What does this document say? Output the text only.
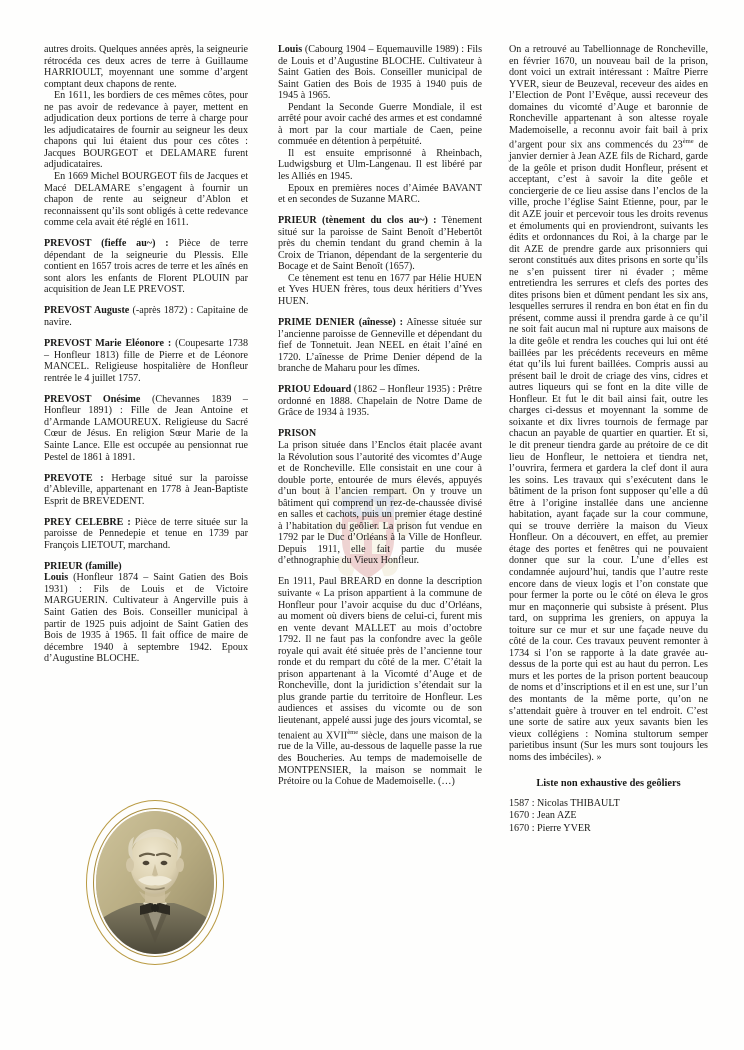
autres droits. Quelques années après, la seigneurie rétrocéda ces deux acres de terre à Guillaume HARRIOULT, moyennant une somme d’argent comptant deux chapons de rente.

En 1611, les bordiers de ces mêmes côtes, pour ne pas avoir de redevance à payer, mettent en adjudication deux portions de terre à charge pour les adjudicataires de fournir au seigneur les deux chapons qui lui étaient dus pour ces côtes : Jacques BOURGEOT et DELAMARE furent adjudicataires.

En 1669 Michel BOURGEOT fils de Jacques et Macé DELAMARE s’engagent à fournir un chapon de rente au seigneur d’Ablon et reconnaissent qu’ils sont obligés à cette redevance comme cela avait été réglé en 1611.

PREVOST (fieffe au~) : Pièce de terre dépendant de la seigneurie du Plessis. Elle contient en 1657 trois acres de terre et les aînés en sont alors les enfants de Florent PLOUIN par acquisition de Jean LE PREVOST.

PREVOST Auguste (-après 1872) : Capitaine de navire.

PREVOST Marie Eléonore : (Coupesarte 1738 – Honfleur 1813) fille de Pierre et de Léonore MANCEL. Religieuse hospitalière de Honfleur rentrée le 4 juillet 1757.

PREVOST Onésime (Chevannes 1839 – Honfleur 1891) : Fille de Jean Antoine et d’Armande LAMOUREUX. Religieuse du Sacré Cœur de Jésus. En religion Sœur Marie de la Sainte Lance. Elle est occupée au pensionnat rue Pestel de 1861 à 1891.

PREVOTE : Herbage situé sur la paroisse d’Ableville, appartenant en 1778 à Jean-Baptiste Esprit de BREVEDENT.

PREY CELEBRE : Pièce de terre située sur la paroisse de Pennedepie et tenue en 1739 par François LIETOUT, marchand.

PRIEUR (famille)

Louis (Honfleur 1874 – Saint Gatien des Bois 1931) : Fils de Louis et de Victoire MARGUERIN. Cultivateur à Angerville puis à Saint Gatien des Bois. Conseiller municipal à partir de 1925 puis adjoint de Saint Gatien des Bois de 1935 à 1965. Il fait office de maire de décembre 1940 à septembre 1942. Epoux d’Augustine BLOCHE.

Louis (Cabourg 1904 – Equemauville 1989) : Fils de Louis et d’Augustine BLOCHE. Cultivateur à Saint Gatien des Bois. Conseiller municipal de Saint Gatien des Bois de 1935 à 1940 puis de 1945 à 1965.

Pendant la Seconde Guerre Mondiale, il est arrêté pour avoir caché des armes et est condamné à mort par la cour martiale de Caen, peine commuée en détention à perpétuité.

Il est ensuite emprisonné à Rheinbach, Ludwigsburg et Ulm-Langenau. Il est libéré par les Alliés en 1945.

Epoux en premières noces d’Aimée BAVANT et en secondes de Suzanne MARC.

PRIEUR (tènement du clos au~) : Tènement situé sur la paroisse de Saint Benoît d’Hebertôt près du chemin tendant du grand chemin à la Croix de Trianon, dépendant de la sergenterie du Bocage et de Saint Benoît (1657).

Ce tènement est tenu en 1677 par Hélie HUEN et Yves HUEN frères, tous deux héritiers d’Yves HUEN.

PRIME DENIER (aînesse) : Aînesse située sur l’ancienne paroisse de Genneville et dépendant du fief de Tonnetuit. Jean NEEL en était l’aîné en 1720. L’aînesse de Prime Denier dépend de la branche de Maharu pour les dîmes.

PRIOU Edouard (1862 – Honfleur 1935) : Prêtre ordonné en 1888. Chapelain de Notre Dame de Grâce de 1934 à 1935.

PRISON

La prison située dans l’Enclos était placée avant la Révolution sous l’autorité des vicomtes d’Auge et de Roncheville. Elle consistait en une cour à double porte, entourée de murs élevés, appuyés d’un bout à l’ancien rempart. On y trouve un bâtiment qui comprend un rez-de-chaussée divisé en salles et cachots, puis un premier étage destiné à l’habitation du geôlier. La prison fut vendue en 1792 par le Duc d’Orléans à la Ville de Honfleur. Depuis 1911, elle fait partie du musée d’ethnographie du Vieux Honfleur.

En 1911, Paul BREARD en donne la description suivante « La prison appartient à la commune de Honfleur pour l’avoir acquise du duc d’Orléans, au moment où divers biens de celui-ci, furent mis en vente devant MALLET au mois d’octobre 1792. Il ne faut pas la confondre avec la geôle royale qui avait été située près de l’ancienne tour ronde et du rempart du côté de la mer. C’était la prison appartenant à la Vicomté d’Auge et de Roncheville, dont la juridiction s’étendait sur la plus grande partie du territoire de Honfleur. Les audiences et assises du vicomte ou de son lieutenant, appelé aussi juge des jours vicomtal, se tenaient au XVIIème siècle, dans une maison de la rue de la Ville, au-dessous de laquelle passe la rue des Boucheries. Au temps de mademoiselle de MONTPENSIER, la maison se nommait le Prétoire ou la Cohue de Mademoiselle. (…)

On a retrouvé au Tabellionnage de Roncheville, en février 1670, un nouveau bail de la prison, dont voici un extrait intéressant : Maître Pierre YVER, sieur de Beuzeval, receveur des aides en l’Election de Pont l’Evêque, aussi receveur des domaines du vicomté d’Auge et baronnie de Roncheville appartenant à son altesse royale Mademoiselle, a reconnu avoir fait bail à prix d’argent pour six ans commencés du 23ème de janvier dernier à Jean AZE fils de Richard, garde de la geôle et prison dudit Honfleur, présent et acceptant, c’est à savoir la dite geôle et conciergerie de ce lieu assise dans l’enclos de la ville, proche l’église Saint Etienne, pour, par le dit AZE jouir et percevoir tous les droits revenus et émoluments qui en proviendront, suivants les édits et ordonnances du Roi, à la charge par le dit AZE de prendre garde aux prisonniers qui seront constitués aux dites prisons en sorte qu’ils ne s’en puissent tirer ni évader ; même entretiendra les serrures et clefs des portes des dites prisons bien et dûment pendant les six ans, lesquelles serrures il rendra en bon état en fin du présent, comme aussi il prendra garde à ce qu’il ne soit fait aucun mal ni rupture aux maisons de la dite geôle et rendra les couches qui lui ont été baillées par les précédents receveurs en même état qu’ils lui furent baillées. Compris aussi au présent bail le droit de criage des vins, cidres et autres liqueurs qui se font en la dite ville de Honfleur. Et fut le dit bail ainsi fait, outre les charges ci-dessus et moyennant la somme de soixante et dix livres tournois de fermage par chacun an payable de quartier en quartier. Et si, le dit preneur tiendra garde au prétoire de ce dit lieu de Honfleur, le nettoiera et tiendra net, l’ouvrira, fermera et gardera la clef dont il aura les soins. Les travaux qui s’exécutent dans le bâtiment de la prison font supposer qu’elle a dû être à l’origine installée dans une ancienne habitation, ayant façade sur la cour commune, qui se trouve derrière la maison du Vieux Honfleur. On a découvert, en effet, au premier étage des portes et fenêtres qui ne pouvaient donner que sur la cour. L’une d’elles est condamnée aujourd’hui, tandis que l’autre reste encore dans de vieux logis et l’on constate que pour fermer la porte ou le côté on éleva le gros mur en maçonnerie qui subsiste à présent. Plus tard, on supprima les greniers, on appuya la toiture sur ce mur et sur une façade neuve du côté de la cour. Ces travaux peuvent remonter à 1734 si l’on se rapporte à la date gravée au-dessus de la porte qui est au haut du perron. Les murs et les portes de la prison portent beaucoup de noms et d’inscriptions et il en est une, sur l’un des montants de la même porte, qu’on ne s’attendait guère à trouver en tel endroit. C’est une sorte de satire aux yeux savants bien les vieux collégiens : Nomina stultorum semper parietibus insunt (Sur les murs sont toujours les noms des imbéciles). »

Liste non exhaustive des geôliers

1587 : Nicolas THIBAULT

1670 : Jean AZE

1670 : Pierre YVER
